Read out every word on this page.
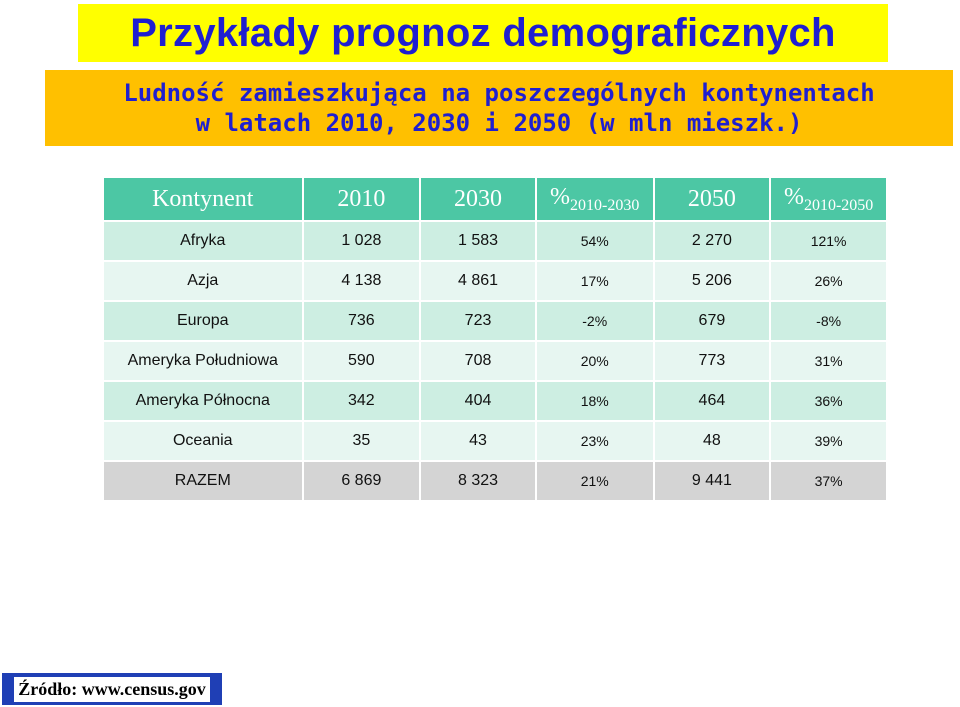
Przykłady prognoz demograficznych
Ludność zamieszkująca na poszczególnych kontynentach
w latach 2010, 2030 i 2050 (w mln mieszk.)
Kontynent	2010	2030	$\%_{2010-2030}$	2050	$\%_{2010-2050}$
Afryka	1 028	1 583	54%	2 270	121%
Azja	4 138	4 861	17%	5 206	26%
Europa	736	723	-2%	679	-8%
Ameryka Południowa	590	708	20%	773	31%
Ameryka Północna	342	404	18%	464	36%
Oceania	35	43	23%	48	39%
RAZEM	6 869	8 323	21%	9 441	37%
Źródło: www.census.gov
